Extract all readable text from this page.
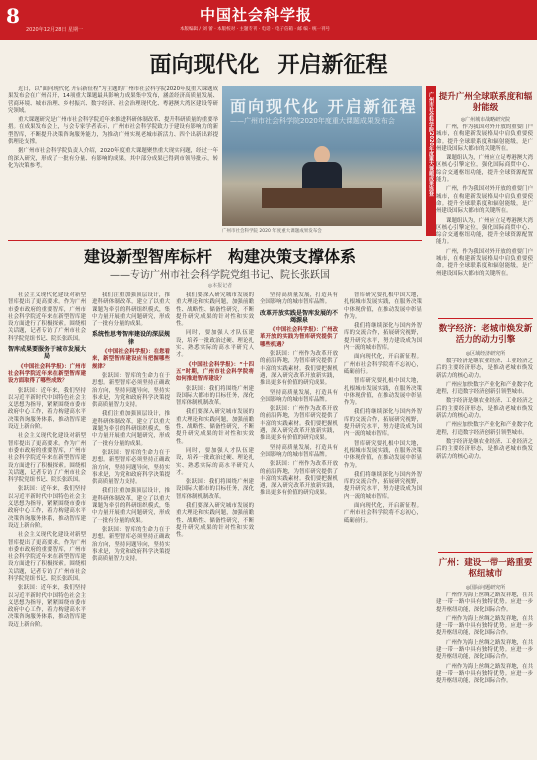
8
2020年12月28日 星期一
中国社会科学报
本版编辑 / 刘 蕾 · 本版校对 · 主题专刊 · 电话 · 电子信箱 · 邮 编 · 统一刊号
面向现代化 开启新征程

近日，以“面向现代化 开启新征程”为主题的广州市社会科学院2020年度重大课题成果发布会在广州召开，14项重大课题最具影响力成果集中发布，涵盖经济高质量发展、营商环境、城市治理、乡村振兴、数字经济、社会治理现代化、粤港澳大湾区建设等研究领域。

重大课题研究是广州市社会科学院近年来推进科研体制改革、提升科研质量的重要举措。在成果发布会上，与会专家学者表示，广州市社会科学院致力于建设有影响力的新型智库，不断提升决策咨询服务能力，为推动广州实现老城市新活力、四个出新出彩提供理论支撑。

据广州市社会科学院负责人介绍，2020年度重大课题聚焦重大现实问题，经过一年的深入研究，形成了一批有分量、有影响的成果，其中部分成果已得到市领导批示，转化为决策参考。

面向现代化 开启新征程
——广州市社会科学院2020年度重大课题成果发布会
广州市社会科学院 2020 年度重大课题成果发布会
广州市社会科学院2020年度重大课题成果选登 提升广州全球联系度和辐射能级
◎广州城市战略研究院

广州，作为我国对外开放的重要门户城市，在构建新发展格局中肩负重要使命。提升全球联系度和辐射能级，是广州建设国际大都市的关键所在。

课题组认为，广州应立足粤港澳大湾区核心引擎定位，强化国际商贸中心、综合交通枢纽功能，提升全球资源配置能力。

广州，作为我国对外开放的重要门户城市，在构建新发展格局中肩负重要使命。提升全球联系度和辐射能级，是广州建设国际大都市的关键所在。

课题组认为，广州应立足粤港澳大湾区核心引擎定位，强化国际商贸中心、综合交通枢纽功能，提升全球资源配置能力。

广州，作为我国对外开放的重要门户城市，在构建新发展格局中肩负重要使命。提升全球联系度和辐射能级，是广州建设国际大都市的关键所在。

数字经济：老城市焕发新活力的动力引擎
◎区域经济研究所

数字经济是继农业经济、工业经济之后的主要经济形态，是推动老城市焕发新活力的核心动力。

广州应加快数字产业化和产业数字化进程，打造数字经济创新引领型城市。

数字经济是继农业经济、工业经济之后的主要经济形态，是推动老城市焕发新活力的核心动力。

广州应加快数字产业化和产业数字化进程，打造数字经济创新引领型城市。

数字经济是继农业经济、工业经济之后的主要经济形态，是推动老城市焕发新活力的核心动力。

广州：建设一带一路重要枢纽城市
◎国际问题研究所

广州作为海上丝绸之路发祥地，在共建一带一路中具有独特优势。应进一步提升枢纽功能，深化国际合作。

广州作为海上丝绸之路发祥地，在共建一带一路中具有独特优势。应进一步提升枢纽功能，深化国际合作。

广州作为海上丝绸之路发祥地，在共建一带一路中具有独特优势。应进一步提升枢纽功能，深化国际合作。

广州作为海上丝绸之路发祥地，在共建一带一路中具有独特优势。应进一步提升枢纽功能，深化国际合作。

建设新型智库标杆　构建决策支撑体系
——专访广州市社会科学院党组书记、院长张跃国
◎本报记者

社会主义现代化建设对新型智库提出了更高要求。作为广州市委市政府的重要智库，广州市社会科学院近年来在新型智库建设方面进行了积极探索。围绕相关话题，记者专访了广州市社会科学院党组书记、院长张跃国。

智库成果要服务于城市发展大局

《中国社会科学报》：广州市社会科学院近年来在新型智库建设方面取得了哪些成效？

张跃国：近年来，我们坚持以习近平新时代中国特色社会主义思想为指导，紧紧围绕市委市政府中心工作，着力构建高水平决策咨询服务体系，推动智库建设迈上新台阶。

社会主义现代化建设对新型智库提出了更高要求。作为广州市委市政府的重要智库，广州市社会科学院近年来在新型智库建设方面进行了积极探索。围绕相关话题，记者专访了广州市社会科学院党组书记、院长张跃国。

张跃国：近年来，我们坚持以习近平新时代中国特色社会主义思想为指导，紧紧围绕市委市政府中心工作，着力构建高水平决策咨询服务体系，推动智库建设迈上新台阶。

社会主义现代化建设对新型智库提出了更高要求。作为广州市委市政府的重要智库，广州市社会科学院近年来在新型智库建设方面进行了积极探索。围绕相关话题，记者专访了广州市社会科学院党组书记、院长张跃国。

张跃国：近年来，我们坚持以习近平新时代中国特色社会主义思想为指导，紧紧围绕市委市政府中心工作，着力构建高水平决策咨询服务体系，推动智库建设迈上新台阶。

我们注重加强顶层设计，推进科研体制改革，建立了以重大课题为牵引的科研组织模式，集中力量开展重大问题研究，形成了一批有分量的成果。

系统性思考智库建设的深层规律

《中国社会科学报》：在您看来，新型智库建设应当把握哪些规律？

张跃国：智库的生命力在于思想。新型智库必须坚持正确政治方向，坚持问题导向，坚持实事求是，为党和政府科学决策提供高质量智力支持。

我们注重加强顶层设计，推进科研体制改革，建立了以重大课题为牵引的科研组织模式，集中力量开展重大问题研究，形成了一批有分量的成果。

张跃国：智库的生命力在于思想。新型智库必须坚持正确政治方向，坚持问题导向，坚持实事求是，为党和政府科学决策提供高质量智力支持。

我们注重加强顶层设计，推进科研体制改革，建立了以重大课题为牵引的科研组织模式，集中力量开展重大问题研究，形成了一批有分量的成果。

张跃国：智库的生命力在于思想。新型智库必须坚持正确政治方向，坚持问题导向，坚持实事求是，为党和政府科学决策提供高质量智力支持。

我们要深入研究城市发展的重大理论和实践问题，加强前瞻性、战略性、储备性研究，不断提升研究成果的针对性和实效性。

同时，要加强人才队伍建设，培养一批政治过硬、理论扎实、熟悉实际的高水平研究人才。

《中国社会科学报》：“十四五”时期，广州市社会科学院将如何推进智库建设？

张跃国：我们将围绕广州建设国际大都市的目标任务，深化智库体制机制改革。

我们要深入研究城市发展的重大理论和实践问题，加强前瞻性、战略性、储备性研究，不断提升研究成果的针对性和实效性。

同时，要加强人才队伍建设，培养一批政治过硬、理论扎实、熟悉实际的高水平研究人才。

张跃国：我们将围绕广州建设国际大都市的目标任务，深化智库体制机制改革。

我们要深入研究城市发展的重大理论和实践问题，加强前瞻性、战略性、储备性研究，不断提升研究成果的针对性和实效性。

坚持高质量发展，打造具有全国影响力的城市智库品牌。

改革开放实践是智库发展的不竭源泉

《中国社会科学报》：广州改革开放的实践为智库研究提供了哪些机遇？

张跃国：广州作为改革开放的前沿阵地，为智库研究提供了丰富的实践素材。我们要把握机遇，深入研究改革开放新实践，推出更多有价值的研究成果。

坚持高质量发展，打造具有全国影响力的城市智库品牌。

张跃国：广州作为改革开放的前沿阵地，为智库研究提供了丰富的实践素材。我们要把握机遇，深入研究改革开放新实践，推出更多有价值的研究成果。

坚持高质量发展，打造具有全国影响力的城市智库品牌。

张跃国：广州作为改革开放的前沿阵地，为智库研究提供了丰富的实践素材。我们要把握机遇，深入研究改革开放新实践，推出更多有价值的研究成果。

智库研究要扎根中国大地，扎根城市发展实践，在服务决策中体现价值，在推动发展中彰显作为。

我们将继续深化与国内外智库的交流合作，拓展研究视野，提升研究水平，努力建设成为国内一流的城市智库。

面向现代化，开启新征程。广州市社会科学院将不忘初心，砥砺前行。

智库研究要扎根中国大地，扎根城市发展实践，在服务决策中体现价值，在推动发展中彰显作为。

我们将继续深化与国内外智库的交流合作，拓展研究视野，提升研究水平，努力建设成为国内一流的城市智库。

智库研究要扎根中国大地，扎根城市发展实践，在服务决策中体现价值，在推动发展中彰显作为。

我们将继续深化与国内外智库的交流合作，拓展研究视野，提升研究水平，努力建设成为国内一流的城市智库。

面向现代化，开启新征程。广州市社会科学院将不忘初心，砥砺前行。
